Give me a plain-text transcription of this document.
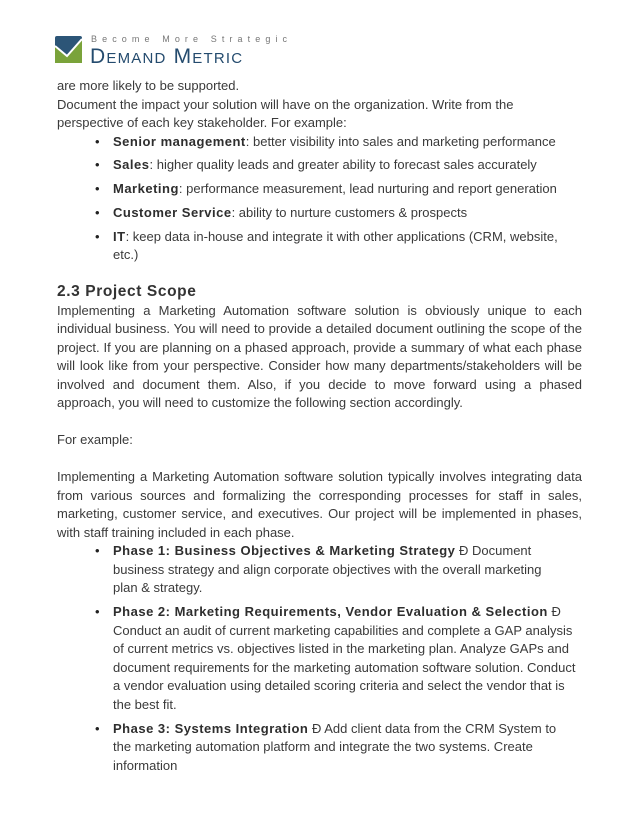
Become More Strategic
Demand Metric

are more likely to be supported.

Document the impact your solution will have on the organization. Write from the perspective of each key stakeholder. For example:

• Senior management: better visibility into sales and marketing performance
• Sales: higher quality leads and greater ability to forecast sales accurately
• Marketing: performance measurement, lead nurturing and report generation
• Customer Service: ability to nurture customers & prospects
• IT: keep data in-house and integrate it with other applications (CRM, website, etc.)
2.3 Project Scope

Implementing a Marketing Automation software solution is obviously unique to each individual business. You will need to provide a detailed document outlining the scope of the project. If you are planning on a phased approach, provide a summary of what each phase will look like from your perspective. Consider how many departments/stakeholders will be involved and document them. Also, if you decide to move forward using a phased approach, you will need to customize the following section accordingly.

For example:

Implementing a Marketing Automation software solution typically involves integrating data from various sources and formalizing the corresponding processes for staff in sales, marketing, customer service, and executives. Our project will be implemented in phases, with staff training included in each phase.

• Phase 1: Business Objectives & Marketing Strategy Ð Document business strategy and align corporate objectives with the overall marketing plan & strategy.
• Phase 2: Marketing Requirements, Vendor Evaluation & Selection Ð Conduct an audit of current marketing capabilities and complete a GAP analysis of current metrics vs. objectives listed in the marketing plan. Analyze GAPs and document requirements for the marketing automation software solution. Conduct a vendor evaluation using detailed scoring criteria and select the vendor that is the best fit.
• Phase 3: Systems Integration Ð Add client data from the CRM System to the marketing automation platform and integrate the two systems. Create information
